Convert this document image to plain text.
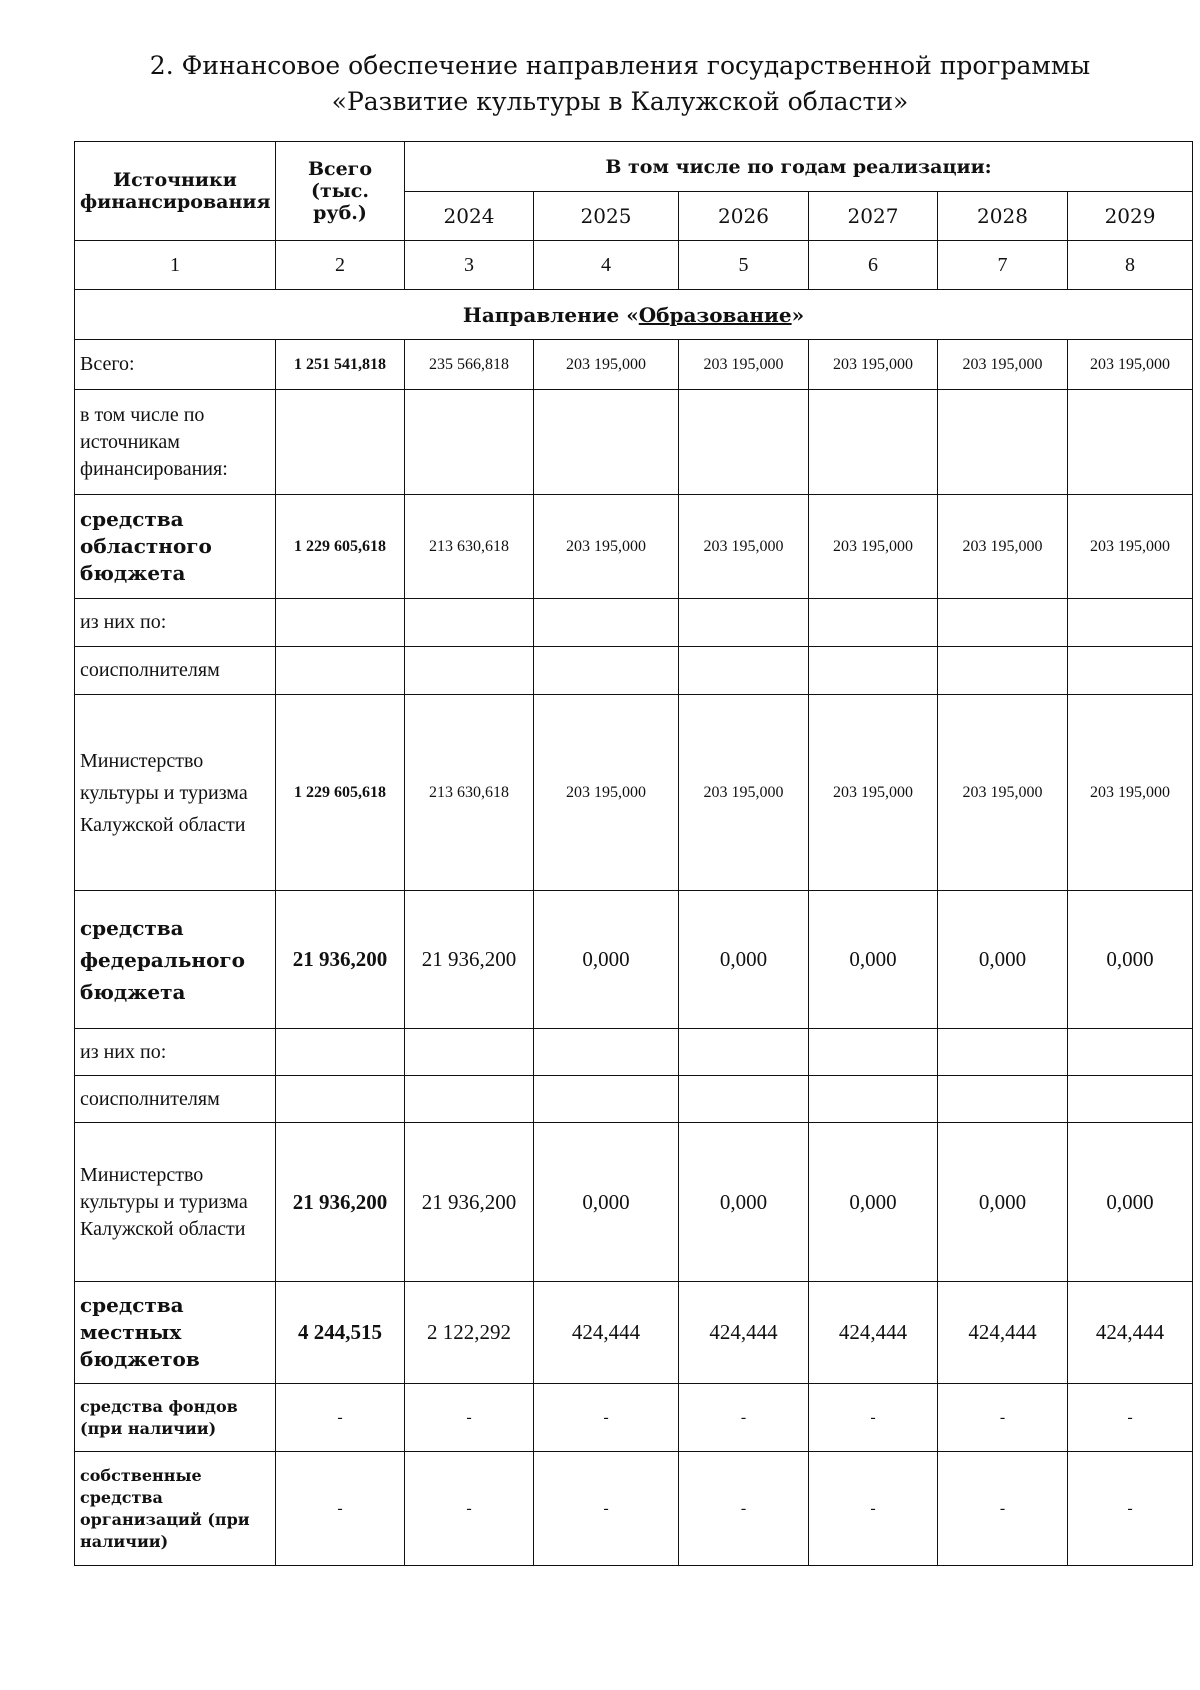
2. Финансовое обеспечение направления государственной программы
«Развитие культуры в Калужской области»
Источники финансирования	Всего (тыс. руб.)	В том числе по годам реализации:					
		2024	2025	2026	2027	2028	2029
1	2	3	4	5	6	7	8
Направление «Образование»							
Всего:	1 251 541,818	235 566,818	203 195,000	203 195,000	203 195,000	203 195,000	203 195,000
в том числе по источникам финансирования:							
средства областного бюджета	1 229 605,618	213 630,618	203 195,000	203 195,000	203 195,000	203 195,000	203 195,000
из них по:							
соисполнителям							
Министерство культуры и туризма Калужской области	1 229 605,618	213 630,618	203 195,000	203 195,000	203 195,000	203 195,000	203 195,000
средства федерального бюджета	21 936,200	21 936,200	0,000	0,000	0,000	0,000	0,000
из них по:							
соисполнителям							
Министерство культуры и туризма Калужской области	21 936,200	21 936,200	0,000	0,000	0,000	0,000	0,000
средства местных бюджетов	4 244,515	2 122,292	424,444	424,444	424,444	424,444	424,444
средства фондов (при наличии)	-	-	-	-	-	-	-
собственные средства организаций (при наличии)	-	-	-	-	-	-	-
